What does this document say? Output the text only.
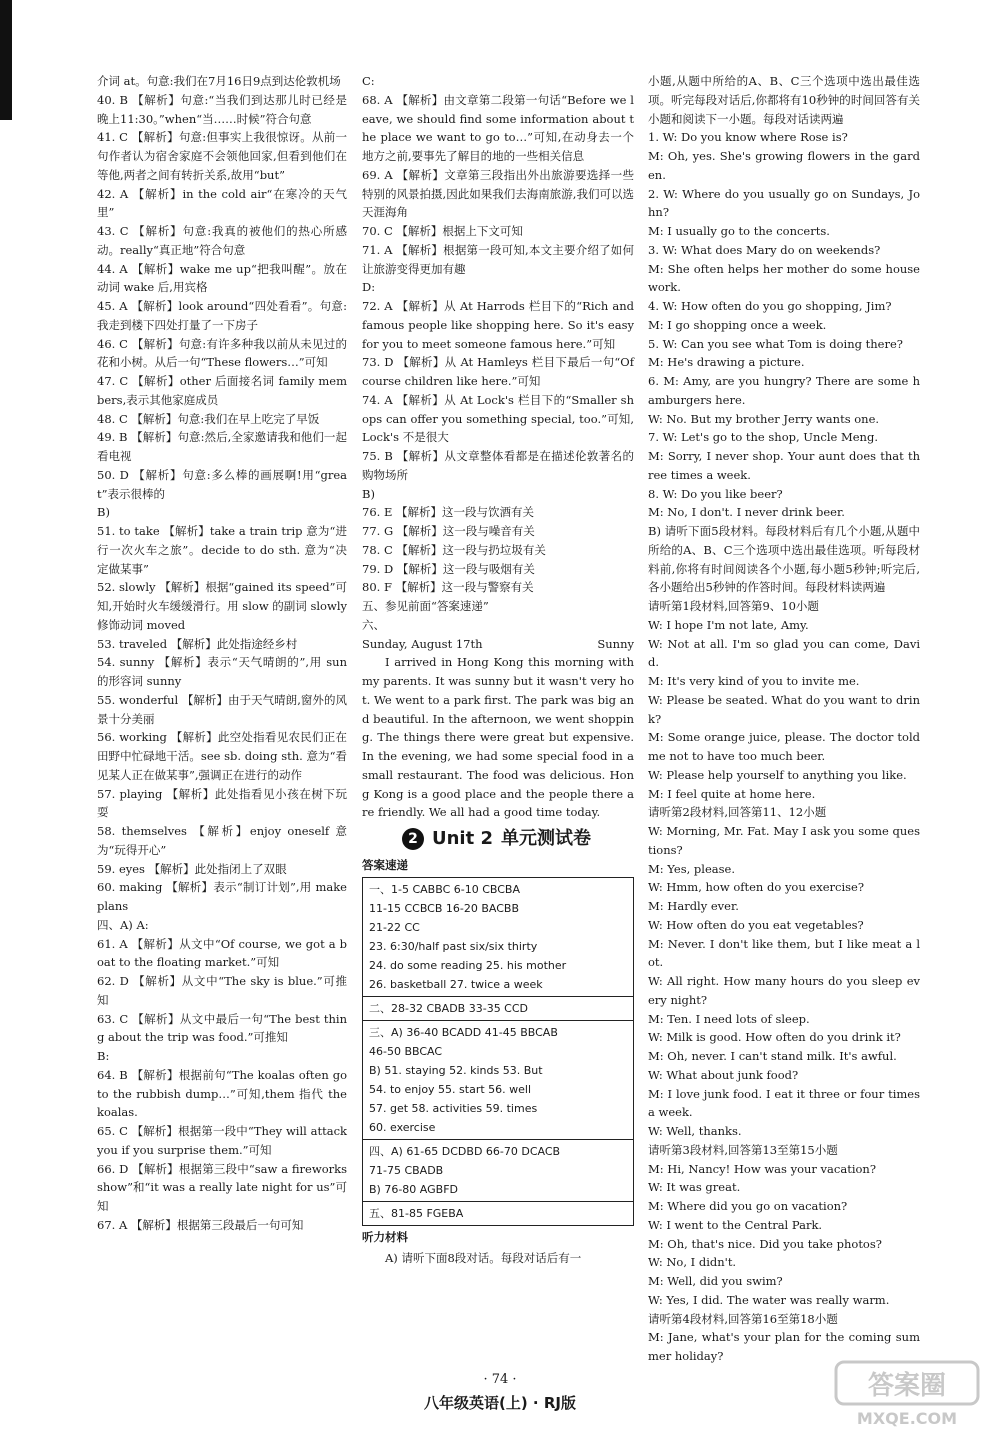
介词 at。句意:我们在7月16日9点到达伦敦机场

40. B 【解析】句意:“当我们到达那儿时已经是晚上11:30。”when“当……时候”符合句意

41. C 【解析】句意:但事实上我很惊讶。从前一句作者认为宿舍家庭不会领他回家,但看到他们在等他,两者之间有转折关系,故用“but”

42. A 【解析】in the cold air“在寒冷的天气里”

43. C 【解析】句意:我真的被他们的热心所感动。really“真正地”符合句意

44. A 【解析】wake me up“把我叫醒”。放在动词 wake 后,用宾格

45. A 【解析】look around“四处看看”。句意:我走到楼下四处打量了一下房子

46. C 【解析】句意:有许多种我以前从未见过的花和小树。从后一句“These flowers…”可知

47. C 【解析】other 后面接名词 family members,表示其他家庭成员

48. C 【解析】句意:我们在早上吃完了早饭

49. B 【解析】句意:然后,全家邀请我和他们一起看电视

50. D 【解析】句意:多么棒的画展啊!用“great”表示很棒的

B)

51. to take 【解析】take a train trip 意为“进行一次火车之旅”。decide to do sth. 意为“决定做某事”

52. slowly 【解析】根据“gained its speed”可知,开始时火车缓缓滑行。用 slow 的副词 slowly 修饰动词 moved

53. traveled 【解析】此处指途经乡村

54. sunny 【解析】表示“天气晴朗的”,用 sun 的形容词 sunny

55. wonderful 【解析】由于天气晴朗,窗外的风景十分美丽

56. working 【解析】此空处指看见农民们正在田野中忙碌地干活。see sb. doing sth. 意为“看见某人正在做某事”,强调正在进行的动作

57. playing 【解析】此处指看见小孩在树下玩耍

58. themselves 【解析】enjoy oneself 意为“玩得开心”

59. eyes 【解析】此处指闭上了双眼

60. making 【解析】表示“制订计划”,用 make plans

四、A) A:

61. A 【解析】从文中“Of course, we got a boat to the floating market.”可知

62. D 【解析】从文中“The sky is blue.”可推知

63. C 【解析】从文中最后一句“The best thing about the trip was food.”可推知

B:

64. B 【解析】根据前句“The koalas often go to the rubbish dump…”可知,them 指代 the koalas.

65. C 【解析】根据第一段中“They will attack you if you surprise them.”可知

66. D 【解析】根据第三段中“saw a fireworks show”和“it was a really late night for us”可知

67. A 【解析】根据第三段最后一句可知

C:

68. A 【解析】由文章第二段第一句话“Before we leave, we should find some information about the place we want to go to…”可知,在动身去一个地方之前,要事先了解目的地的一些相关信息

69. A 【解析】文章第三段指出外出旅游要选择一些特别的风景拍摄,因此如果我们去海南旅游,我们可以选天涯海角

70. C 【解析】根据上下文可知

71. A 【解析】根据第一段可知,本文主要介绍了如何让旅游变得更加有趣

D:

72. A 【解析】从 At Harrods 栏目下的“Rich and famous people like shopping here. So it's easy for you to meet someone famous here.”可知

73. D 【解析】从 At Hamleys 栏目下最后一句“Of course children like here.”可知

74. A 【解析】从 At Lock's 栏目下的“Smaller shops can offer you something special, too.”可知,Lock's 不是很大

75. B 【解析】从文章整体看都是在描述伦敦著名的购物场所

B)

76. E 【解析】这一段与饮酒有关

77. G 【解析】这一段与噪音有关

78. C 【解析】这一段与扔垃圾有关

79. D 【解析】这一段与吸烟有关

80. F 【解析】这一段与警察有关

五、参见前面“答案速递”

六、

Sunday, August 17th	Sunny

I arrived in Hong Kong this morning with my parents. It was sunny but it wasn't very hot. We went to a park first. The park was big and beautiful. In the afternoon, we went shopping. The things there were great but expensive. In the evening, we had some special food in a small restaurant. The food was delicious. Hong Kong is a good place and the people there are friendly. We all had a good time today.

2 Unit 2 单元测试卷
答案速递

一、1-5 CABBC 6-10 CBCBA

11-15 CCBCB 16-20 BACBB

21-22 CC

23. 6:30/half past six/six thirty

24. do some reading 25. his mother

26. basketball 27. twice a week

二、28-32 CBADB 33-35 CCD

三、A) 36-40 BCADD 41-45 BBCAB

46-50 BBCAC

B) 51. staying 52. kinds 53. But

54. to enjoy 55. start 56. well

57. get 58. activities 59. times

60. exercise

四、A) 61-65 DCDBD 66-70 DCACB

71-75 CBADB

B) 76-80 AGBFD

五、81-85 FGEBA

听力材料

A) 请听下面8段对话。每段对话后有一

小题,从题中所给的A、B、C三个选项中选出最佳选项。听完每段对话后,你都将有10秒钟的时间回答有关小题和阅读下一小题。每段对话读两遍

1. W: Do you know where Rose is?

M: Oh, yes. She's growing flowers in the garden.

2. W: Where do you usually go on Sundays, John?

M: I usually go to the concerts.

3. W: What does Mary do on weekends?

M: She often helps her mother do some housework.

4. W: How often do you go shopping, Jim?

M: I go shopping once a week.

5. W: Can you see what Tom is doing there?

M: He's drawing a picture.

6. M: Amy, are you hungry? There are some hamburgers here.

W: No. But my brother Jerry wants one.

7. W: Let's go to the shop, Uncle Meng.

M: Sorry, I never shop. Your aunt does that three times a week.

8. W: Do you like beer?

M: No, I don't. I never drink beer.

B) 请听下面5段材料。每段材料后有几个小题,从题中所给的A、B、C三个选项中选出最佳选项。听每段材料前,你将有时间阅读各个小题,每小题5秒钟;听完后,各小题给出5秒钟的作答时间。每段材料读两遍

请听第1段材料,回答第9、10小题

W: I hope I'm not late, Amy.

W: Not at all. I'm so glad you can come, David.

M: It's very kind of you to invite me.

W: Please be seated. What do you want to drink?

M: Some orange juice, please. The doctor told me not to have too much beer.

W: Please help yourself to anything you like.

M: I feel quite at home here.

请听第2段材料,回答第11、12小题

W: Morning, Mr. Fat. May I ask you some questions?

M: Yes, please.

W: Hmm, how often do you exercise?

M: Hardly ever.

W: How often do you eat vegetables?

M: Never. I don't like them, but I like meat a lot.

W: All right. How many hours do you sleep every night?

M: Ten. I need lots of sleep.

W: Milk is good. How often do you drink it?

M: Oh, never. I can't stand milk. It's awful.

W: What about junk food?

M: I love junk food. I eat it three or four times a week.

W: Well, thanks.

请听第3段材料,回答第13至第15小题

M: Hi, Nancy! How was your vacation?

W: It was great.

M: Where did you go on vacation?

W: I went to the Central Park.

M: Oh, that's nice. Did you take photos?

W: No, I didn't.

M: Well, did you swim?

W: Yes, I did. The water was really warm.

请听第4段材料,回答第16至第18小题

M: Jane, what's your plan for the coming summer holiday?

· 74 ·
八年级英语(上) · RJ版
答案圈
MXQE.COM
